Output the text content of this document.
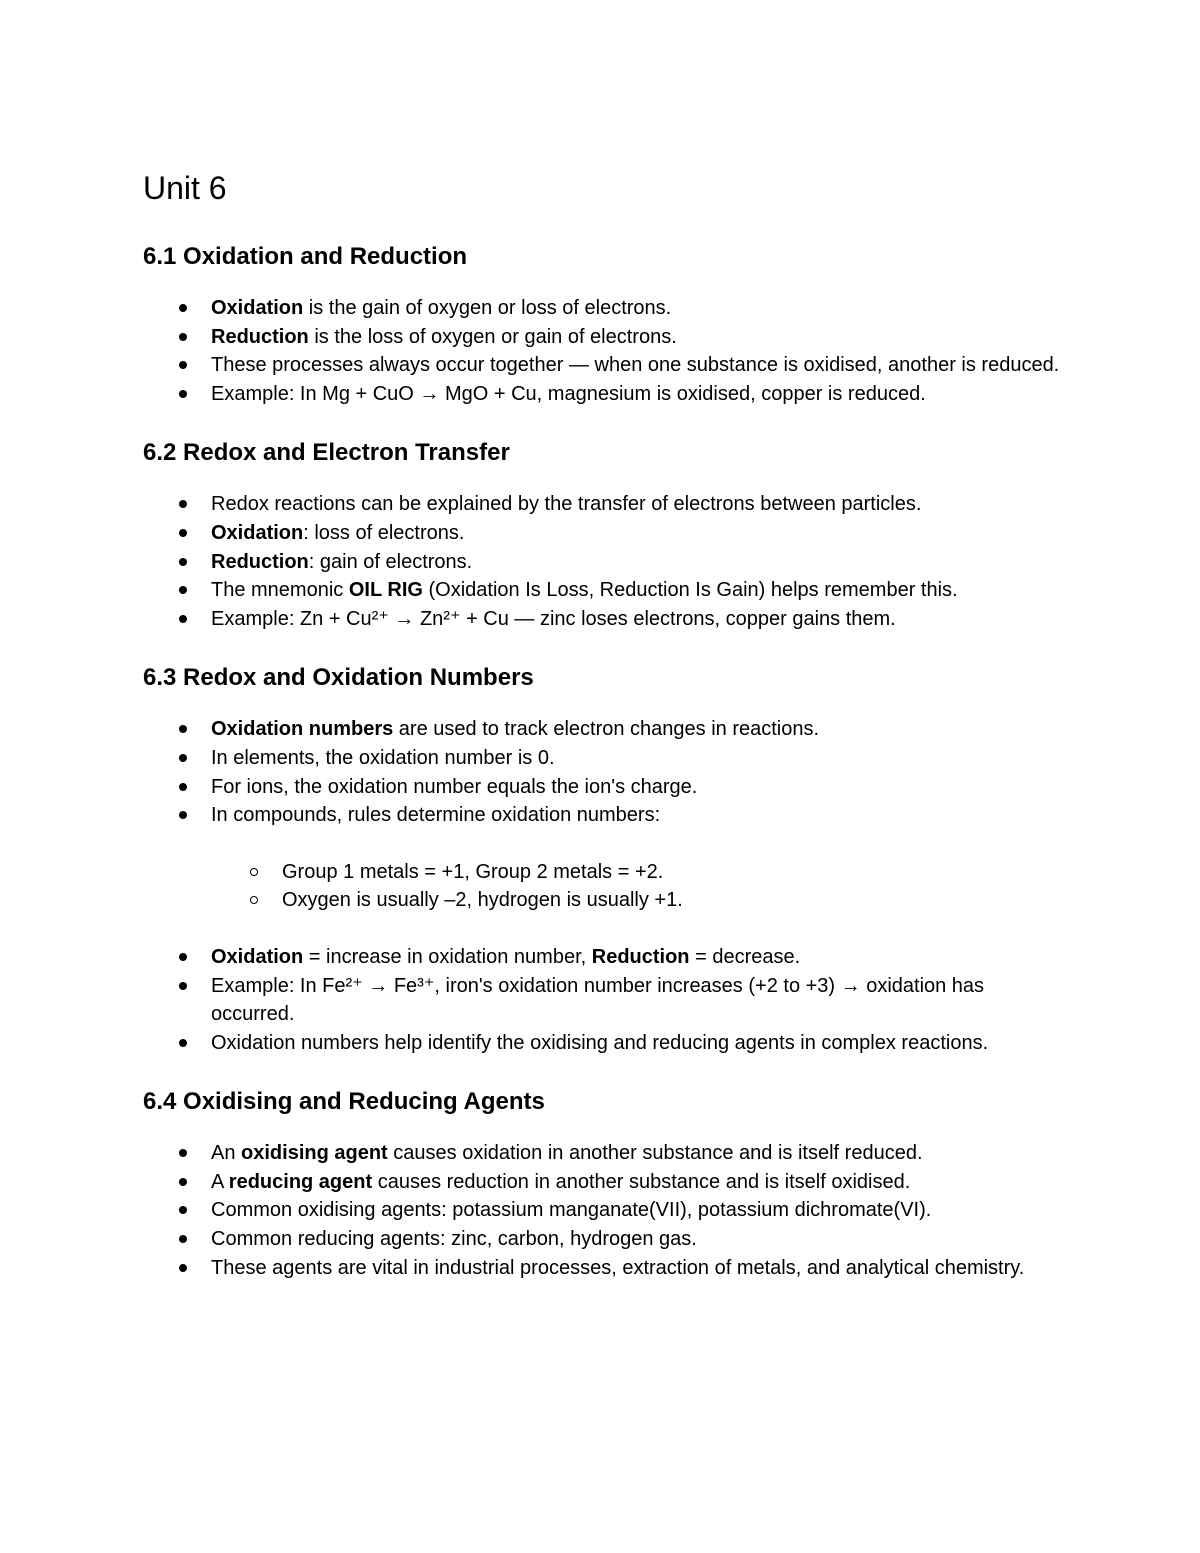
Unit 6
6.1 Oxidation and Reduction
Oxidation is the gain of oxygen or loss of electrons.
Reduction is the loss of oxygen or gain of electrons.
These processes always occur together — when one substance is oxidised, another is reduced.
Example: In Mg + CuO → MgO + Cu, magnesium is oxidised, copper is reduced.
6.2 Redox and Electron Transfer
Redox reactions can be explained by the transfer of electrons between particles.
Oxidation: loss of electrons.
Reduction: gain of electrons.
The mnemonic OIL RIG (Oxidation Is Loss, Reduction Is Gain) helps remember this.
Example: Zn + Cu²⁺ → Zn²⁺ + Cu — zinc loses electrons, copper gains them.
6.3 Redox and Oxidation Numbers
Oxidation numbers are used to track electron changes in reactions.
In elements, the oxidation number is 0.
For ions, the oxidation number equals the ion's charge.
In compounds, rules determine oxidation numbers:
Group 1 metals = +1, Group 2 metals = +2.
Oxygen is usually –2, hydrogen is usually +1.
Oxidation = increase in oxidation number, Reduction = decrease.
Example: In Fe²⁺ → Fe³⁺, iron's oxidation number increases (+2 to +3) → oxidation has occurred.
Oxidation numbers help identify the oxidising and reducing agents in complex reactions.
6.4 Oxidising and Reducing Agents
An oxidising agent causes oxidation in another substance and is itself reduced.
A reducing agent causes reduction in another substance and is itself oxidised.
Common oxidising agents: potassium manganate(VII), potassium dichromate(VI).
Common reducing agents: zinc, carbon, hydrogen gas.
These agents are vital in industrial processes, extraction of metals, and analytical chemistry.
